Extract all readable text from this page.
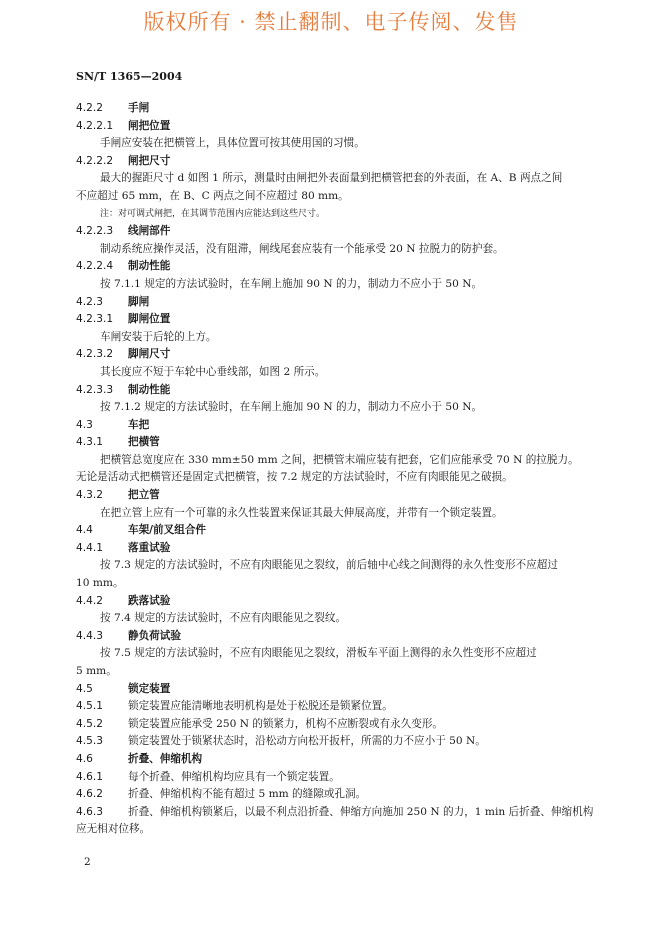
版权所有 · 禁止翻制、电子传阅、发售
SN/T 1365—2004
4.2.2 手闸
4.2.2.1 闸把位置
手闸应安装在把横管上，具体位置可按其使用国的习惯。
4.2.2.2 闸把尺寸
最大的握距尺寸 d 如图 1 所示，测量时由闸把外表面量到把横管把套的外表面，在 A、B 两点之间
不应超过 65 mm，在 B、C 两点之间不应超过 80 mm。
注：对可调式闸把，在其调节范围内应能达到这些尺寸。
4.2.2.3 线闸部件
制动系统应操作灵活，没有阻滞，闸线尾套应装有一个能承受 20 N 拉脱力的防护套。
4.2.2.4 制动性能
按 7.1.1 规定的方法试验时，在车闸上施加 90 N 的力，制动力不应小于 50 N。
4.2.3 脚闸
4.2.3.1 脚闸位置
车闸安装于后轮的上方。
4.2.3.2 脚闸尺寸
其长度应不短于车轮中心垂线部，如图 2 所示。
4.2.3.3 制动性能
按 7.1.2 规定的方法试验时，在车闸上施加 90 N 的力，制动力不应小于 50 N。
4.3	车把
4.3.1 把横管
把横管总宽度应在 330 mm±50 mm 之间，把横管末端应装有把套，它们应能承受 70 N 的拉脱力。
无论是活动式把横管还是固定式把横管，按 7.2 规定的方法试验时，不应有肉眼能见之破损。
4.3.2 把立管
在把立管上应有一个可靠的永久性装置来保证其最大伸展高度，并带有一个锁定装置。
4.4	车架/前叉组合件
4.4.1 落重试验
按 7.3 规定的方法试验时，不应有肉眼能见之裂纹，前后轴中心线之间测得的永久性变形不应超过
10 mm。
4.4.2 跌落试验
按 7.4 规定的方法试验时，不应有肉眼能见之裂纹。
4.4.3 静负荷试验
按 7.5 规定的方法试验时，不应有肉眼能见之裂纹，滑板车平面上测得的永久性变形不应超过
5 mm。
4.5	锁定装置
4.5.1 锁定装置应能清晰地表明机构是处于松脱还是锁紧位置。
4.5.2 锁定装置应能承受 250 N 的锁紧力，机构不应断裂或有永久变形。
4.5.3 锁定装置处于锁紧状态时，沿松动方向松开扳杆，所需的力不应小于 50 N。
4.6	折叠、伸缩机构
4.6.1 每个折叠、伸缩机构均应具有一个锁定装置。
4.6.2 折叠、伸缩机构不能有超过 5 mm 的缝隙或孔洞。
4.6.3 折叠、伸缩机构锁紧后，以最不利点沿折叠、伸缩方向施加 250 N 的力，1 min 后折叠、伸缩机构
应无相对位移。
2
